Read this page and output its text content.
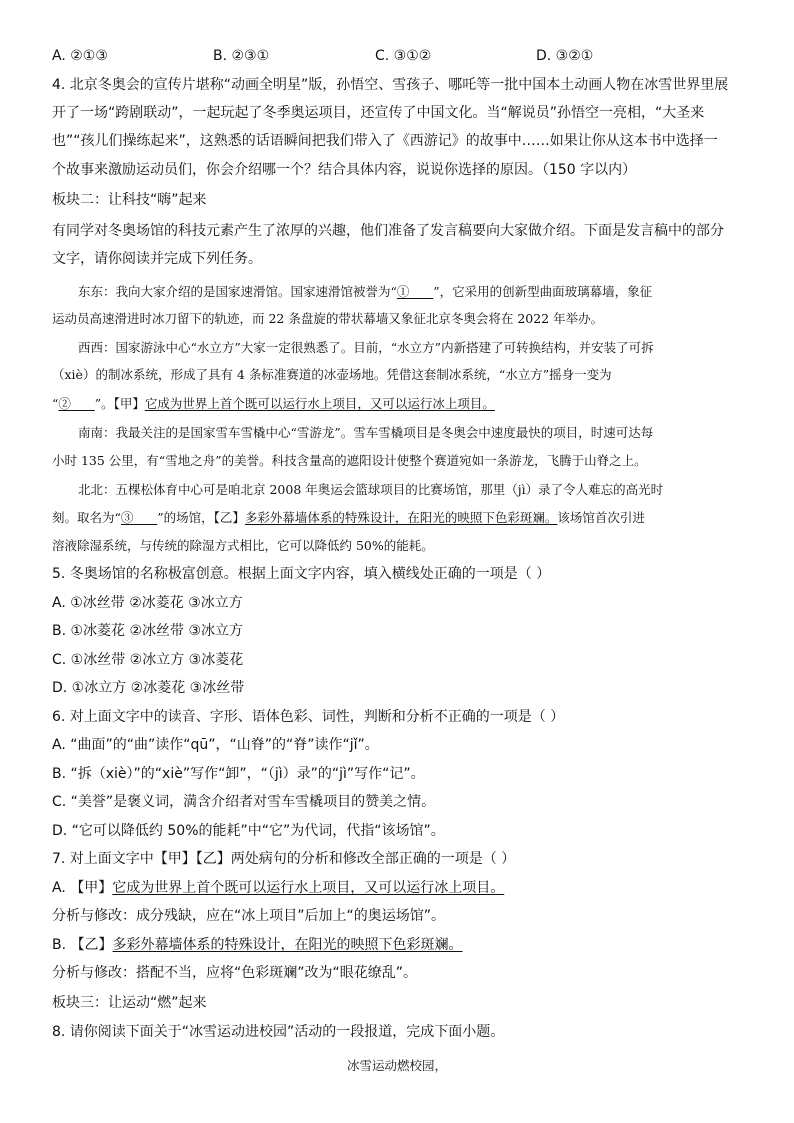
A. ②①③	B. ②③①	C. ③①②	D. ③②①
4. 北京冬奥会的宣传片堪称“动画全明星”版，孙悟空、雪孩子、哪吒等一批中国本土动画人物在冰雪世界里展
开了一场“跨剧联动”，一起玩起了冬季奥运项目，还宣传了中国文化。当“解说员”孙悟空一亮相，“大圣来
也”“孩儿们操练起来”，这熟悉的话语瞬间把我们带入了《西游记》的故事中……如果让你从这本书中选择一
个故事来激励运动员们，你会介绍哪一个？结合具体内容，说说你选择的原因。（150 字以内）
板块二：让科技“嗨”起来
有同学对冬奥场馆的科技元素产生了浓厚的兴趣，他们准备了发言稿要向大家做介绍。下面是发言稿中的部分
文字，请你阅读并完成下列任务。
东东：我向大家介绍的是国家速滑馆。国家速滑馆被誉为“① ”，它采用的创新型曲面玻璃幕墙，象征
运动员高速滑进时冰刀留下的轨迹，而 22 条盘旋的带状幕墙又象征北京冬奥会将在 2022 年举办。
西西：国家游泳中心“水立方”大家一定很熟悉了。目前，“水立方”内新搭建了可转换结构，并安装了可拆
（xiè）的制冰系统，形成了具有 4 条标准赛道的冰壶场地。凭借这套制冰系统，“水立方”摇身一变为
“② ”。【甲】它成为世界上首个既可以运行水上项目，又可以运行冰上项目。
南南：我最关注的是国家雪车雪橇中心“雪游龙”。雪车雪橇项目是冬奥会中速度最快的项目，时速可达每
小时 135 公里，有“雪地之舟”的美誉。科技含量高的遮阳设计使整个赛道宛如一条游龙，飞腾于山脊之上。
北北：五棵松体育中心可是咱北京 2008 年奥运会篮球项目的比赛场馆，那里（jì）录了令人难忘的高光时
刻。取名为“③ ”的场馆，【乙】多彩外幕墙体系的特殊设计，在阳光的映照下色彩斑斓。该场馆首次引进
溶液除湿系统，与传统的除湿方式相比，它可以降低约 50%的能耗。
5. 冬奥场馆的名称极富创意。根据上面文字内容，填入横线处正确的一项是（ ）
A. ①冰丝带 ②冰菱花 ③冰立方
B. ①冰菱花 ②冰丝带 ③冰立方
C. ①冰丝带 ②冰立方 ③冰菱花
D. ①冰立方 ②冰菱花 ③冰丝带
6. 对上面文字中的读音、字形、语体色彩、词性，判断和分析不正确的一项是（ ）
A. “曲面”的“曲”读作“qū”，“山脊”的“脊”读作“jǐ”。
B. “拆（xiè）”的“xiè”写作“卸”，“（jì）录”的“jì”写作“记”。
C. “美誉”是褒义词，満含介绍者对雪车雪橇项目的赞美之情。
D. “它可以降低约 50%的能耗”中“它”为代词，代指“该场馆”。
7. 对上面文字中【甲】【乙】两处病句的分析和修改全部正确的一项是（ ）
A. 【甲】它成为世界上首个既可以运行水上项目，又可以运行冰上项目。
分析与修改：成分残缺，应在“冰上项目”后加上“的奥运场馆”。
B. 【乙】多彩外幕墙体系的特殊设计，在阳光的映照下色彩斑斓。
分析与修改：搭配不当，应将“色彩斑斓”改为“眼花缭乱”。
板块三：让运动“燃”起来
8. 请你阅读下面关于“冰雪运动进校园”活动的一段报道，完成下面小题。
冰雪运动燃校园，
